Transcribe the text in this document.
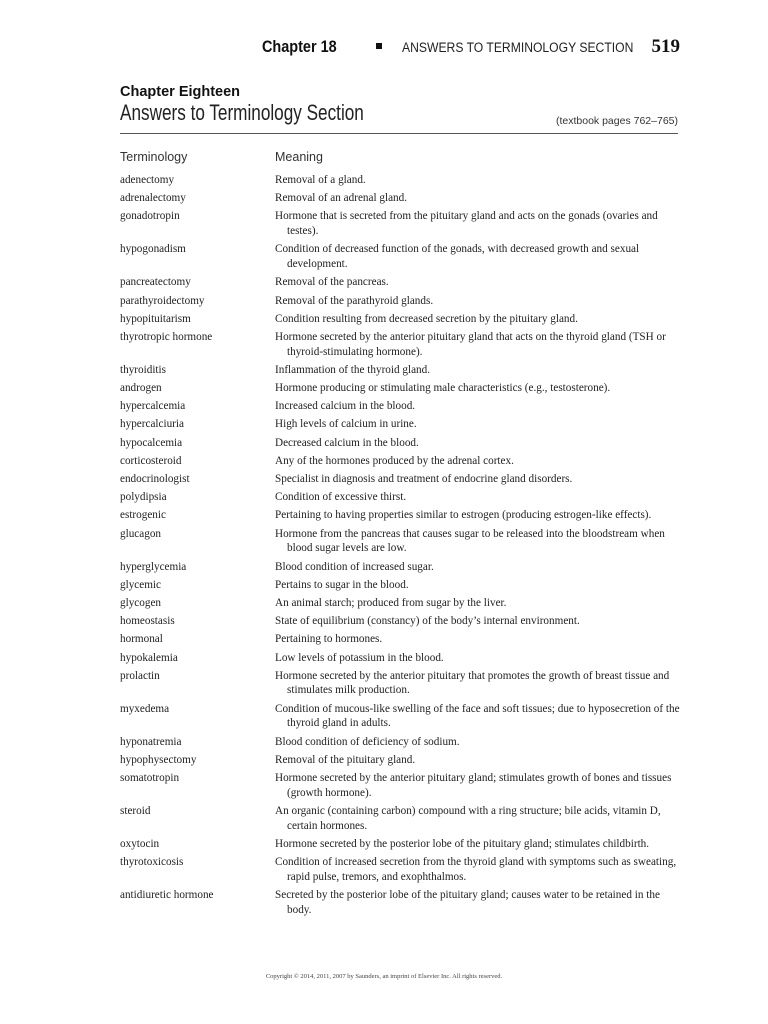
Chapter 18	ANSWERS TO TERMINOLOGY SECTION 519
Chapter Eighteen
Answers to Terminology Section	(textbook pages 762–765)
Terminology	Meaning
adenectomy	Removal of a gland.
adrenalectomy	Removal of an adrenal gland.
gonadotropin	Hormone that is secreted from the pituitary gland and acts on the gonads (ovaries and testes).
hypogonadism	Condition of decreased function of the gonads, with decreased growth and sexual development.
pancreatectomy	Removal of the pancreas.
parathyroidectomy	Removal of the parathyroid glands.
hypopituitarism	Condition resulting from decreased secretion by the pituitary gland.
thyrotropic hormone	Hormone secreted by the anterior pituitary gland that acts on the thyroid gland (TSH or thyroid-stimulating hormone).
thyroiditis	Inflammation of the thyroid gland.
androgen	Hormone producing or stimulating male characteristics (e.g., testosterone).
hypercalcemia	Increased calcium in the blood.
hypercalciuria	High levels of calcium in urine.
hypocalcemia	Decreased calcium in the blood.
corticosteroid	Any of the hormones produced by the adrenal cortex.
endocrinologist	Specialist in diagnosis and treatment of endocrine gland disorders.
polydipsia	Condition of excessive thirst.
estrogenic	Pertaining to having properties similar to estrogen (producing estrogen-like effects).
glucagon	Hormone from the pancreas that causes sugar to be released into the bloodstream when blood sugar levels are low.
hyperglycemia	Blood condition of increased sugar.
glycemic	Pertains to sugar in the blood.
glycogen	An animal starch; produced from sugar by the liver.
homeostasis	State of equilibrium (constancy) of the body’s internal environment.
hormonal	Pertaining to hormones.
hypokalemia	Low levels of potassium in the blood.
prolactin	Hormone secreted by the anterior pituitary that promotes the growth of breast tissue and stimulates milk production.
myxedema	Condition of mucous-like swelling of the face and soft tissues; due to hyposecretion of the thyroid gland in adults.
hyponatremia	Blood condition of deficiency of sodium.
hypophysectomy	Removal of the pituitary gland.
somatotropin	Hormone secreted by the anterior pituitary gland; stimulates growth of bones and tissues (growth hormone).
steroid	An organic (containing carbon) compound with a ring structure; bile acids, vitamin D, certain hormones.
oxytocin	Hormone secreted by the posterior lobe of the pituitary gland; stimulates childbirth.
thyrotoxicosis	Condition of increased secretion from the thyroid gland with symptoms such as sweating, rapid pulse, tremors, and exophthalmos.
antidiuretic hormone	Secreted by the posterior lobe of the pituitary gland; causes water to be retained in the body.
Copyright © 2014, 2011, 2007 by Saunders, an imprint of Elsevier Inc. All rights reserved.
